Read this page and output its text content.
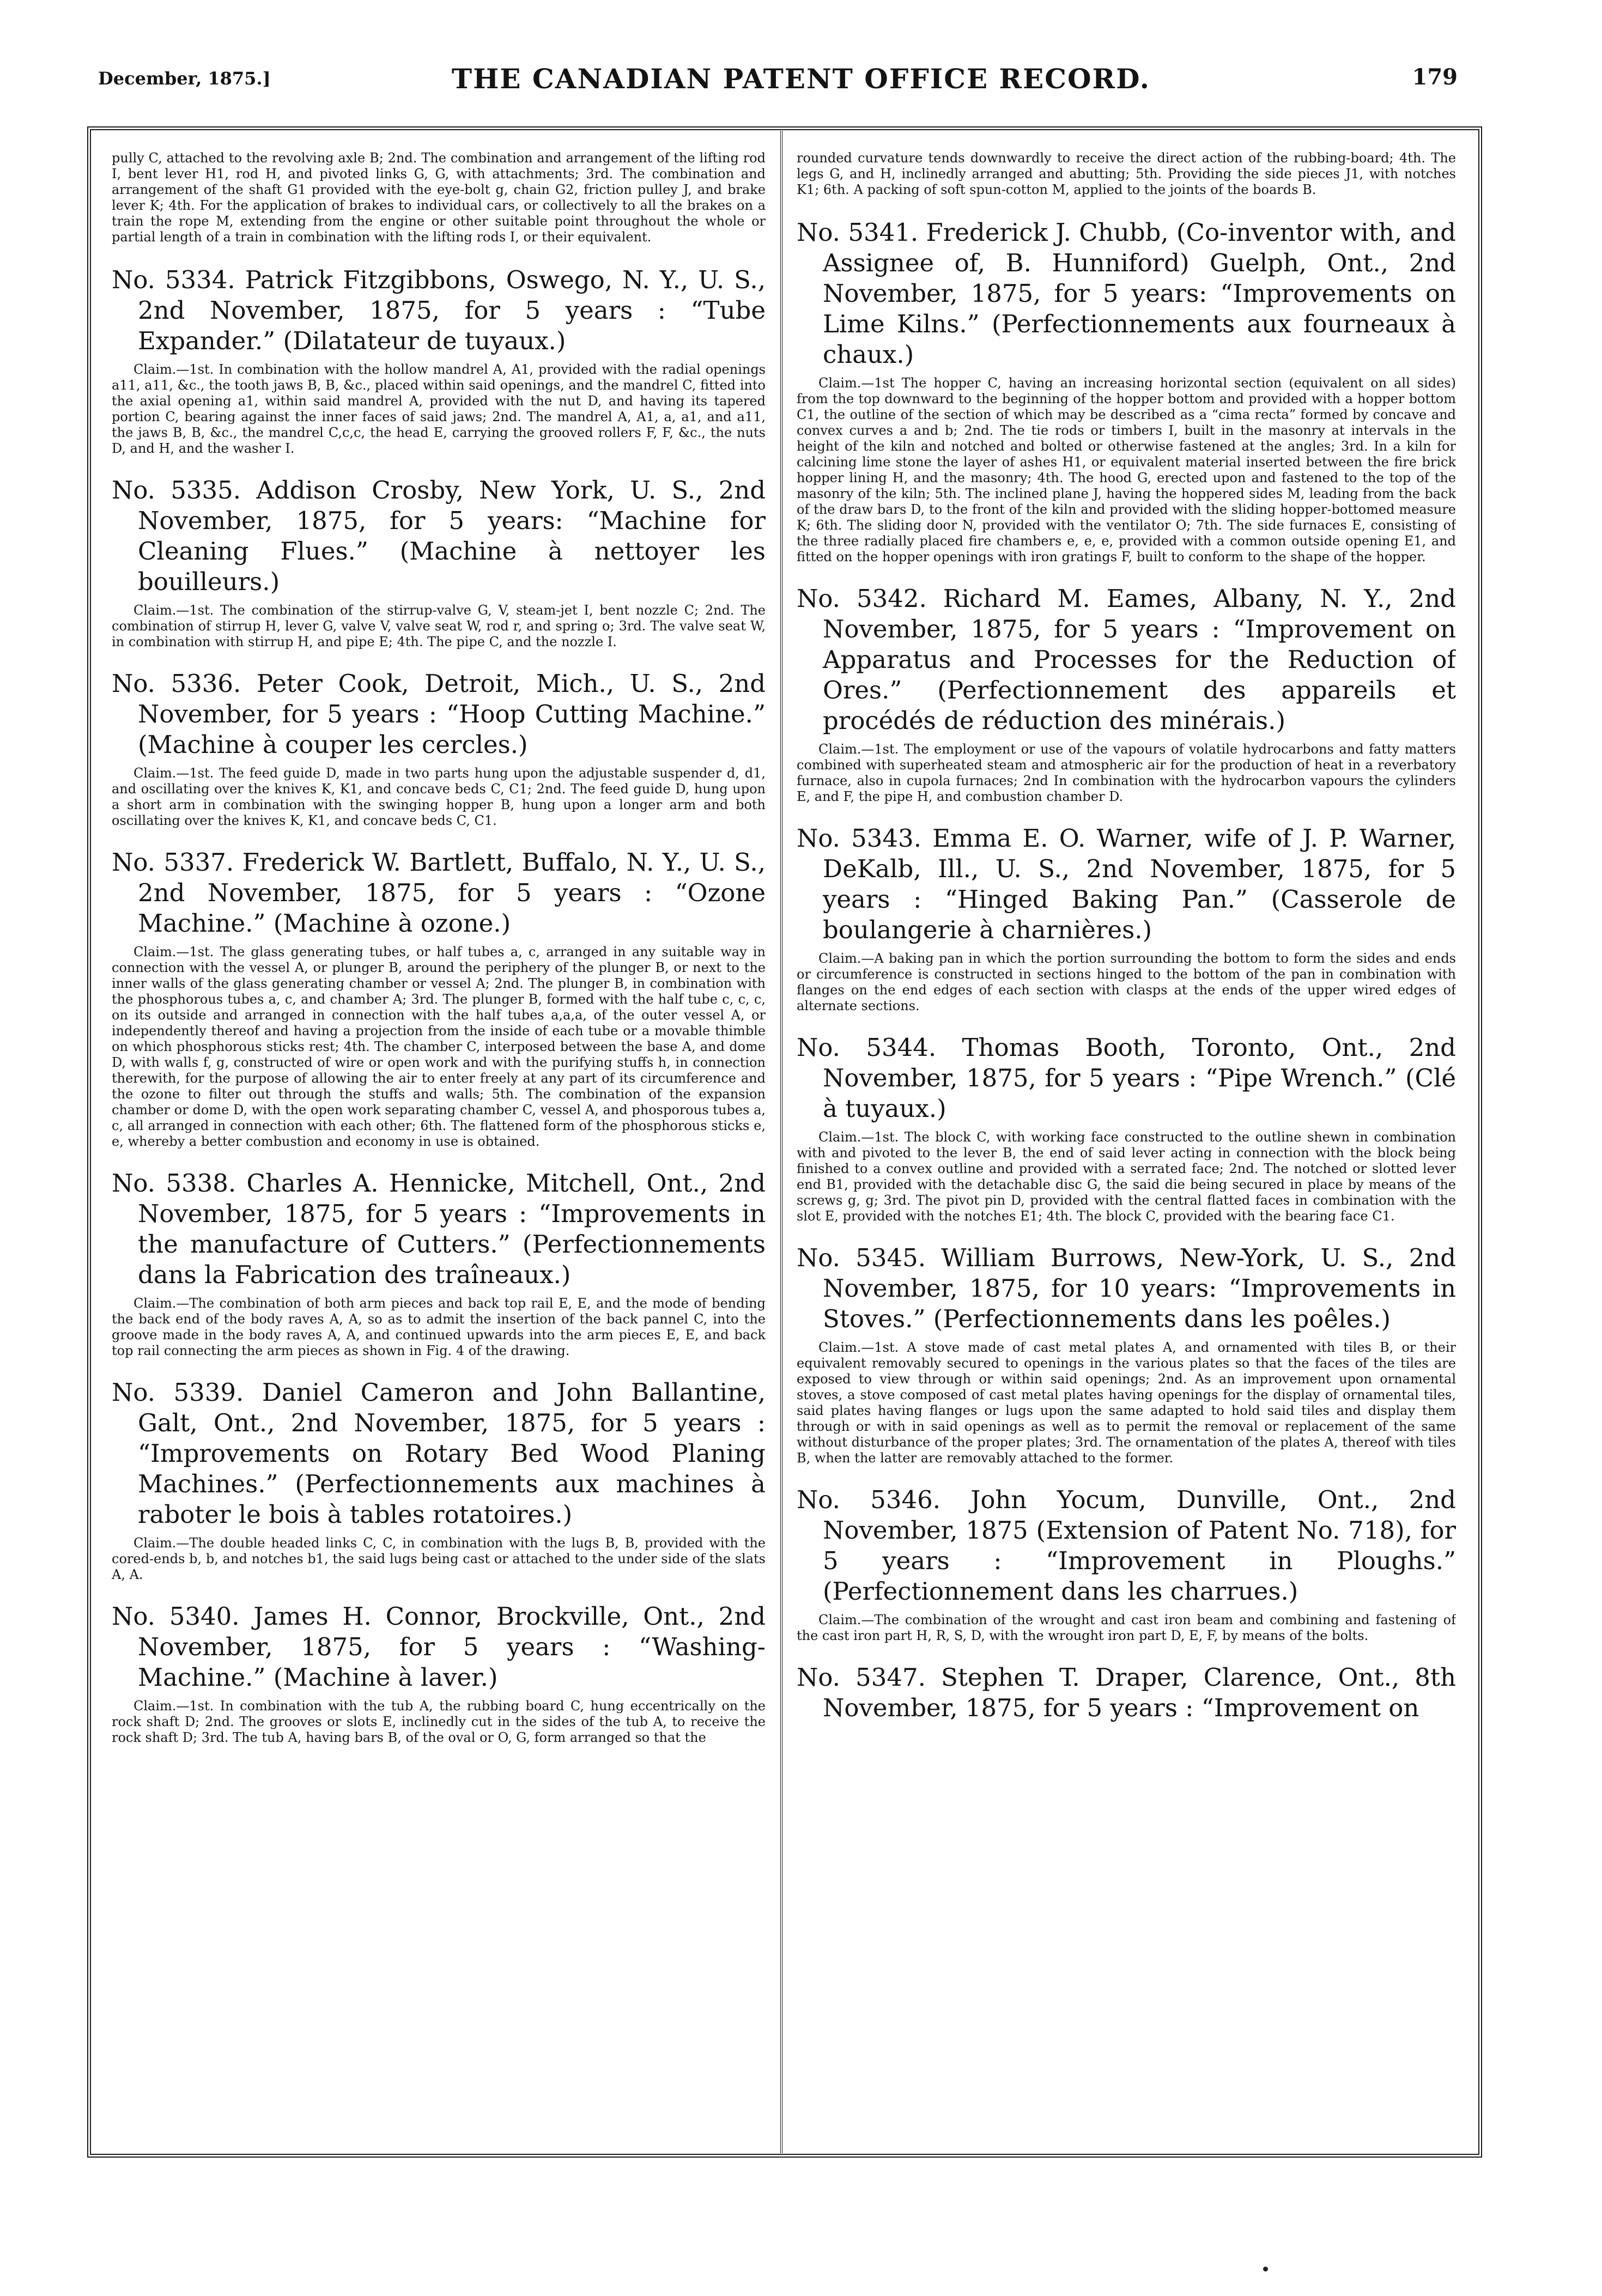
December, 1875.]	THE CANADIAN PATENT OFFICE RECORD.	179

pully C, attached to the revolving axle B; 2nd. The combination and arrangement of the lifting rod I, bent lever H1, rod H, and pivoted links G, G, with attachments; 3rd. The combination and arrangement of the shaft G1 provided with the eye-bolt g, chain G2, friction pulley J, and brake lever K; 4th. For the application of brakes to individual cars, or collectively to all the brakes on a train the rope M, extending from the engine or other suitable point throughout the whole or partial length of a train in combination with the lifting rods I, or their equivalent.

No. 5334. Patrick Fitzgibbons, Oswego, N. Y., U. S., 2nd November, 1875, for 5 years : “Tube Expander.” (Dilatateur de tuyaux.)

Claim.—1st. In combination with the hollow mandrel A, A1, provided with the radial openings a11, a11, &c., the tooth jaws B, B, &c., placed within said openings, and the mandrel C, fitted into the axial opening a1, within said mandrel A, provided with the nut D, and having its tapered portion C, bearing against the inner faces of said jaws; 2nd. The mandrel A, A1, a, a1, and a11, the jaws B, B, &c., the mandrel C,c,c, the head E, carrying the grooved rollers F, F, &c., the nuts D, and H, and the washer I.

No. 5335. Addison Crosby, New York, U. S., 2nd November, 1875, for 5 years: “Machine for Cleaning Flues.” (Machine à nettoyer les bouilleurs.)

Claim.—1st. The combination of the stirrup-valve G, V, steam-jet I, bent nozzle C; 2nd. The combination of stirrup H, lever G, valve V, valve seat W, rod r, and spring o; 3rd. The valve seat W, in combination with stirrup H, and pipe E; 4th. The pipe C, and the nozzle I.

No. 5336. Peter Cook, Detroit, Mich., U. S., 2nd November, for 5 years : “Hoop Cutting Machine.” (Machine à couper les cercles.)

Claim.—1st. The feed guide D, made in two parts hung upon the adjustable suspender d, d1, and oscillating over the knives K, K1, and concave beds C, C1; 2nd. The feed guide D, hung upon a short arm in combination with the swinging hopper B, hung upon a longer arm and both oscillating over the knives K, K1, and concave beds C, C1.

No. 5337. Frederick W. Bartlett, Buffalo, N. Y., U. S., 2nd November, 1875, for 5 years : “Ozone Machine.” (Machine à ozone.)

Claim.—1st. The glass generating tubes, or half tubes a, c, arranged in any suitable way in connection with the vessel A, or plunger B, around the periphery of the plunger B, or next to the inner walls of the glass generating chamber or vessel A; 2nd. The plunger B, in combination with the phosphorous tubes a, c, and chamber A; 3rd. The plunger B, formed with the half tube c, c, c, on its outside and arranged in connection with the half tubes a,a,a, of the outer vessel A, or independently thereof and having a projection from the inside of each tube or a movable thimble on which phosphorous sticks rest; 4th. The chamber C, interposed between the base A, and dome D, with walls f, g, constructed of wire or open work and with the purifying stuffs h, in connection therewith, for the purpose of allowing the air to enter freely at any part of its circumference and the ozone to filter out through the stuffs and walls; 5th. The combination of the expansion chamber or dome D, with the open work separating chamber C, vessel A, and phosporous tubes a, c, all arranged in connection with each other; 6th. The flattened form of the phosphorous sticks e, e, whereby a better combustion and economy in use is obtained.

No. 5338. Charles A. Hennicke, Mitchell, Ont., 2nd November, 1875, for 5 years : “Improvements in the manufacture of Cutters.” (Perfectionnements dans la Fabrication des traîneaux.)

Claim.—The combination of both arm pieces and back top rail E, E, and the mode of bending the back end of the body raves A, A, so as to admit the insertion of the back pannel C, into the groove made in the body raves A, A, and continued upwards into the arm pieces E, E, and back top rail connecting the arm pieces as shown in Fig. 4 of the drawing.

No. 5339. Daniel Cameron and John Ballantine, Galt, Ont., 2nd November, 1875, for 5 years : “Improvements on Rotary Bed Wood Planing Machines.” (Perfectionnements aux machines à raboter le bois à tables rotatoires.)

Claim.—The double headed links C, C, in combination with the lugs B, B, provided with the cored-ends b, b, and notches b1, the said lugs being cast or attached to the under side of the slats A, A.

No. 5340. James H. Connor, Brockville, Ont., 2nd November, 1875, for 5 years : “Washing-Machine.” (Machine à laver.)

Claim.—1st. In combination with the tub A, the rubbing board C, hung eccentrically on the rock shaft D; 2nd. The grooves or slots E, inclinedly cut in the sides of the tub A, to receive the rock shaft D; 3rd. The tub A, having bars B, of the oval or O, G, form arranged so that the

rounded curvature tends downwardly to receive the direct action of the rubbing-board; 4th. The legs G, and H, inclinedly arranged and abutting; 5th. Providing the side pieces J1, with notches K1; 6th. A packing of soft spun-cotton M, applied to the joints of the boards B.

No. 5341. Frederick J. Chubb, (Co-inventor with, and Assignee of, B. Hunniford) Guelph, Ont., 2nd November, 1875, for 5 years: “Improvements on Lime Kilns.” (Perfectionnements aux fourneaux à chaux.)

Claim.—1st The hopper C, having an increasing horizontal section (equivalent on all sides) from the top downward to the beginning of the hopper bottom and provided with a hopper bottom C1, the outline of the section of which may be described as a “cima recta” formed by concave and convex curves a and b; 2nd. The tie rods or timbers I, built in the masonry at intervals in the height of the kiln and notched and bolted or otherwise fastened at the angles; 3rd. In a kiln for calcining lime stone the layer of ashes H1, or equivalent material inserted between the fire brick hopper lining H, and the masonry; 4th. The hood G, erected upon and fastened to the top of the masonry of the kiln; 5th. The inclined plane J, having the hoppered sides M, leading from the back of the draw bars D, to the front of the kiln and provided with the sliding hopper-bottomed measure K; 6th. The sliding door N, provided with the ventilator O; 7th. The side furnaces E, consisting of the three radially placed fire chambers e, e, e, provided with a common outside opening E1, and fitted on the hopper openings with iron gratings F, built to conform to the shape of the hopper.

No. 5342. Richard M. Eames, Albany, N. Y., 2nd November, 1875, for 5 years : “Improvement on Apparatus and Processes for the Reduction of Ores.” (Perfectionnement des appareils et procédés de réduction des minérais.)

Claim.—1st. The employment or use of the vapours of volatile hydrocarbons and fatty matters combined with superheated steam and atmospheric air for the production of heat in a reverbatory furnace, also in cupola furnaces; 2nd In combination with the hydrocarbon vapours the cylinders E, and F, the pipe H, and combustion chamber D.

No. 5343. Emma E. O. Warner, wife of J. P. Warner, DeKalb, Ill., U. S., 2nd November, 1875, for 5 years : “Hinged Baking Pan.” (Casserole de boulangerie à charnières.)

Claim.—A baking pan in which the portion surrounding the bottom to form the sides and ends or circumference is constructed in sections hinged to the bottom of the pan in combination with flanges on the end edges of each section with clasps at the ends of the upper wired edges of alternate sections.

No. 5344. Thomas Booth, Toronto, Ont., 2nd November, 1875, for 5 years : “Pipe Wrench.” (Clé à tuyaux.)

Claim.—1st. The block C, with working face constructed to the outline shewn in combination with and pivoted to the lever B, the end of said lever acting in connection with the block being finished to a convex outline and provided with a serrated face; 2nd. The notched or slotted lever end B1, provided with the detachable disc G, the said die being secured in place by means of the screws g, g; 3rd. The pivot pin D, provided with the central flatted faces in combination with the slot E, provided with the notches E1; 4th. The block C, provided with the bearing face C1.

No. 5345. William Burrows, New-York, U. S., 2nd November, 1875, for 10 years: “Improvements in Stoves.” (Perfectionnements dans les poêles.)

Claim.—1st. A stove made of cast metal plates A, and ornamented with tiles B, or their equivalent removably secured to openings in the various plates so that the faces of the tiles are exposed to view through or within said openings; 2nd. As an improvement upon ornamental stoves, a stove composed of cast metal plates having openings for the display of ornamental tiles, said plates having flanges or lugs upon the same adapted to hold said tiles and display them through or with in said openings as well as to permit the removal or replacement of the same without disturbance of the proper plates; 3rd. The ornamentation of the plates A, thereof with tiles B, when the latter are removably attached to the former.

No. 5346. John Yocum, Dunville, Ont., 2nd November, 1875 (Extension of Patent No. 718), for 5 years : “Improvement in Ploughs.” (Perfectionnement dans les charrues.)

Claim.—The combination of the wrought and cast iron beam and combining and fastening of the cast iron part H, R, S, D, with the wrought iron part D, E, F, by means of the bolts.

No. 5347. Stephen T. Draper, Clarence, Ont., 8th November, 1875, for 5 years : “Improvement on
